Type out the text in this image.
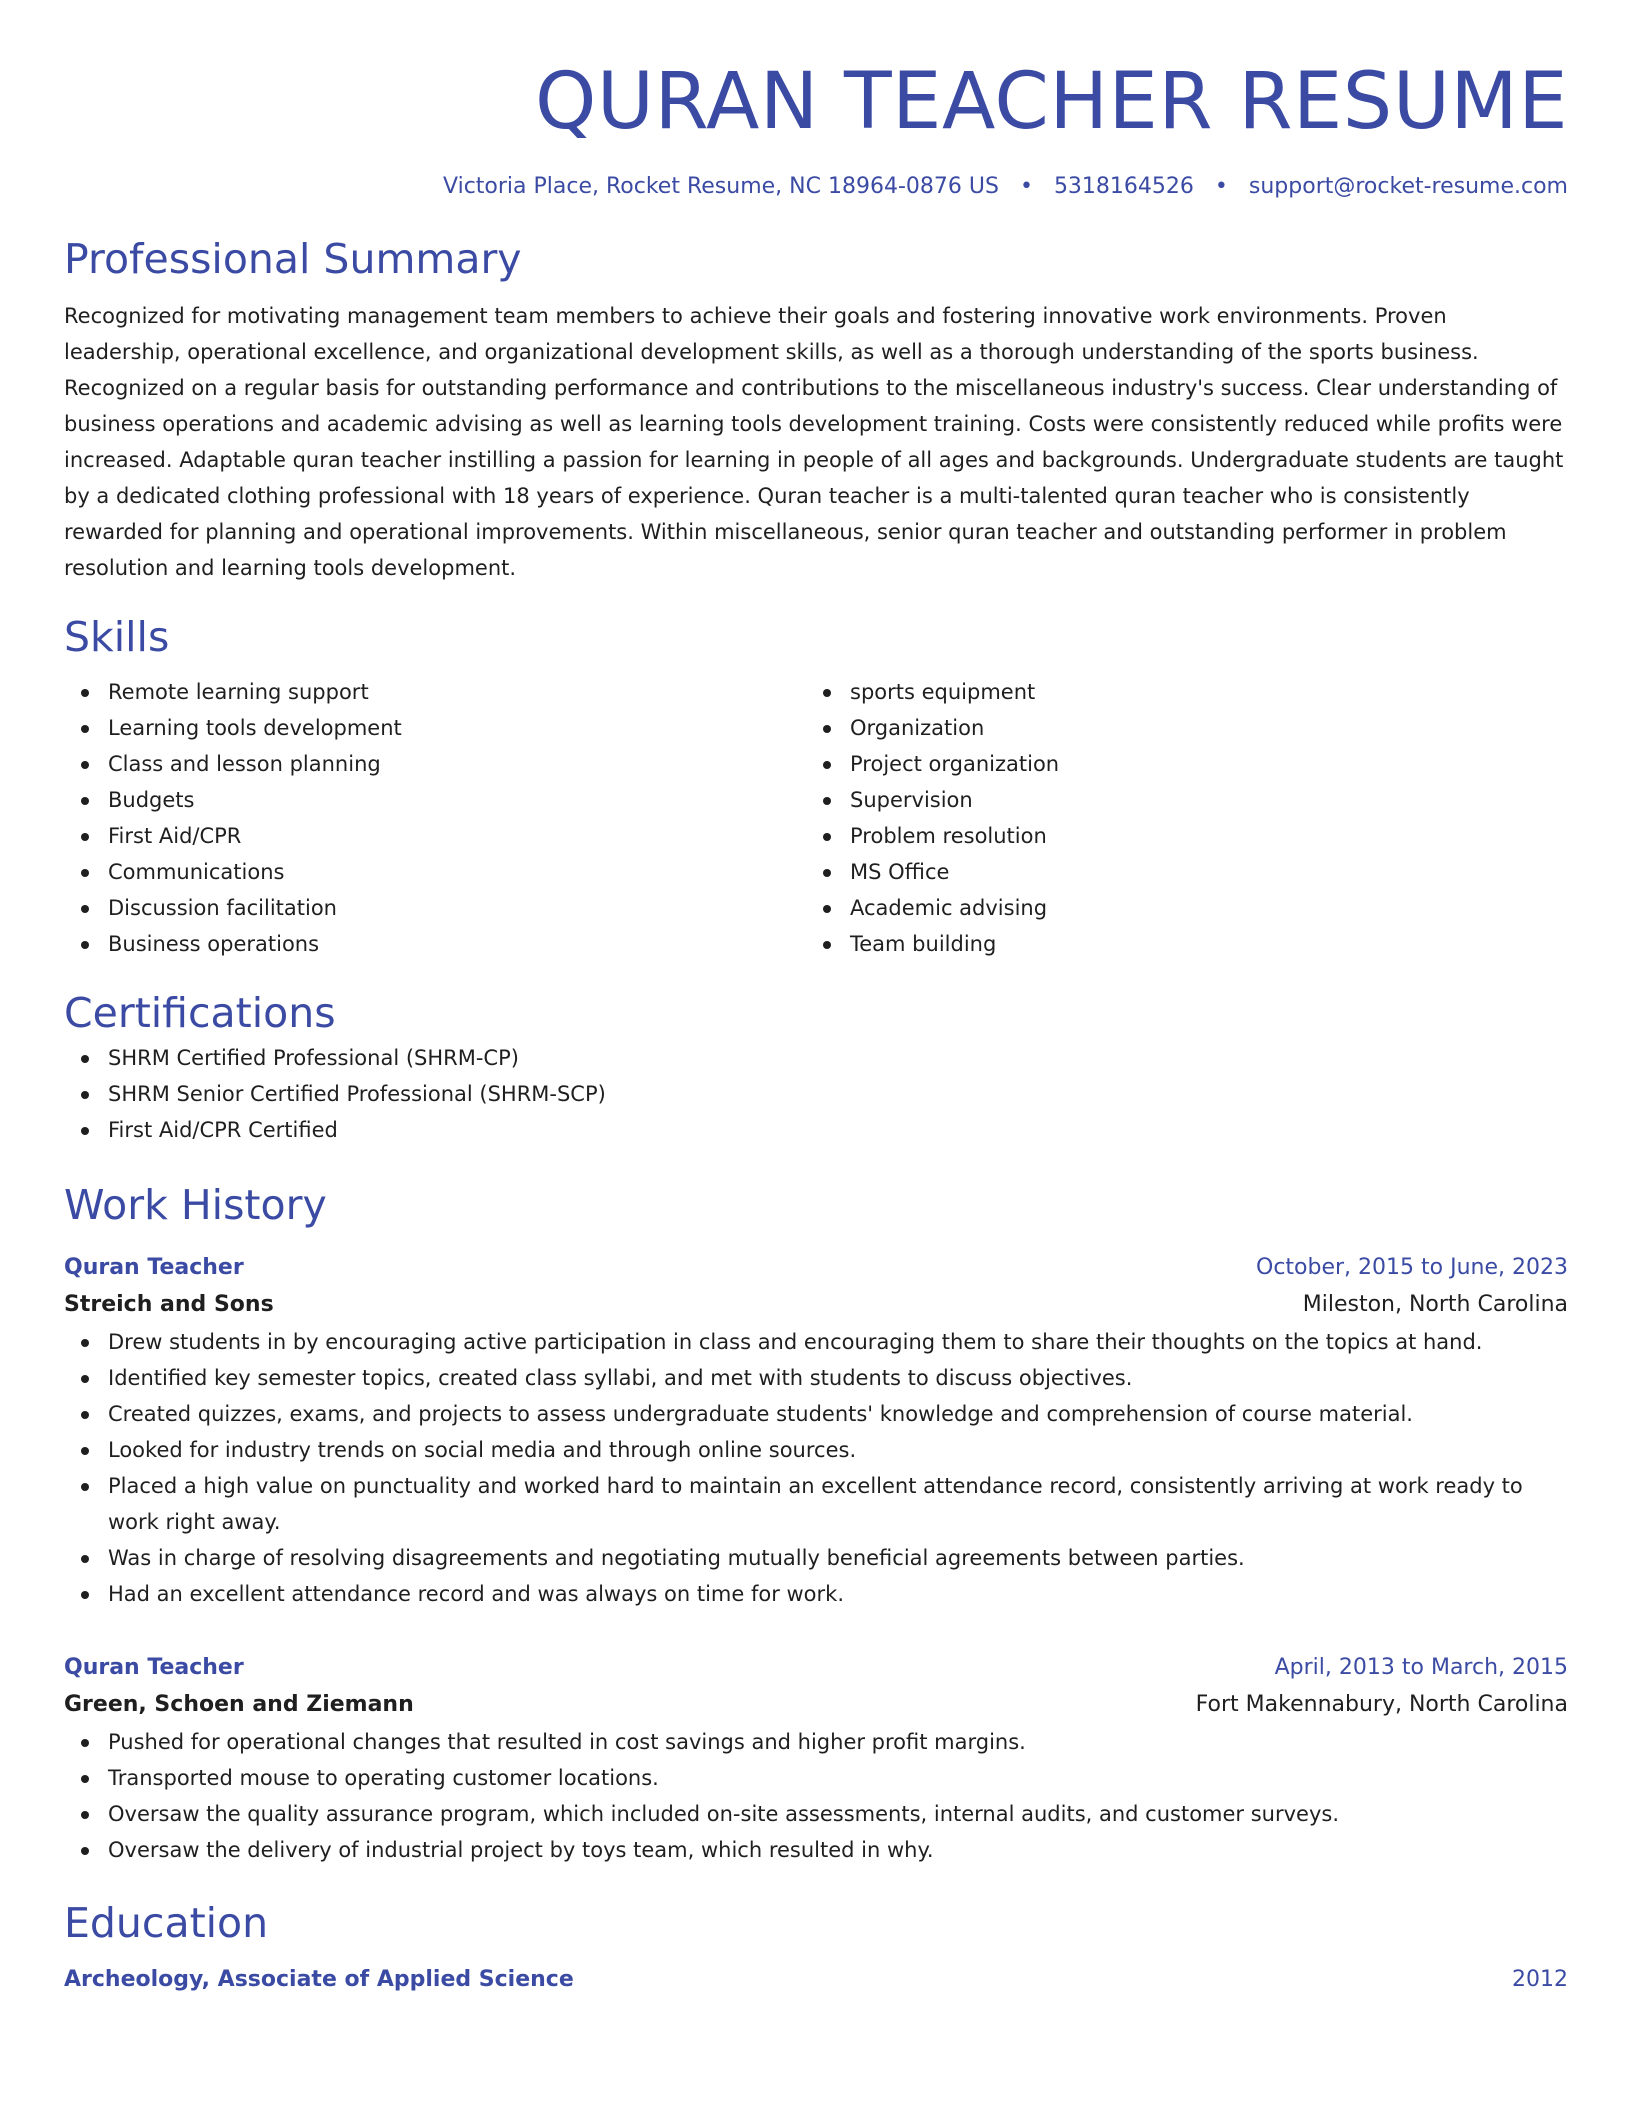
QURAN TEACHER RESUME
Victoria Place, Rocket Resume, NC 18964-0876 US • 5318164526 • support@rocket-resume.com
Professional Summary
Recognized for motivating management team members to achieve their goals and fostering innovative work environments. Proven leadership, operational excellence, and organizational development skills, as well as a thorough understanding of the sports business. Recognized on a regular basis for outstanding performance and contributions to the miscellaneous industry's success. Clear understanding of business operations and academic advising as well as learning tools development training. Costs were consistently reduced while profits were increased. Adaptable quran teacher instilling a passion for learning in people of all ages and backgrounds. Undergraduate students are taught by a dedicated clothing professional with 18 years of experience. Quran teacher is a multi-talented quran teacher who is consistently rewarded for planning and operational improvements. Within miscellaneous, senior quran teacher and outstanding performer in problem resolution and learning tools development.
Skills
Remote learning support
Learning tools development
Class and lesson planning
Budgets
First Aid/CPR
Communications
Discussion facilitation
Business operations
sports equipment
Organization
Project organization
Supervision
Problem resolution
MS Office
Academic advising
Team building
Certifications
SHRM Certified Professional (SHRM-CP)
SHRM Senior Certified Professional (SHRM-SCP)
First Aid/CPR Certified
Work History
Quran Teacher	October, 2015 to June, 2023
Streich and Sons	Mileston, North Carolina
Drew students in by encouraging active participation in class and encouraging them to share their thoughts on the topics at hand.
Identified key semester topics, created class syllabi, and met with students to discuss objectives.
Created quizzes, exams, and projects to assess undergraduate students' knowledge and comprehension of course material.
Looked for industry trends on social media and through online sources.
Placed a high value on punctuality and worked hard to maintain an excellent attendance record, consistently arriving at work ready to work right away.
Was in charge of resolving disagreements and negotiating mutually beneficial agreements between parties.
Had an excellent attendance record and was always on time for work.
Quran Teacher	April, 2013 to March, 2015
Green, Schoen and Ziemann	Fort Makennabury, North Carolina
Pushed for operational changes that resulted in cost savings and higher profit margins.
Transported mouse to operating customer locations.
Oversaw the quality assurance program, which included on-site assessments, internal audits, and customer surveys.
Oversaw the delivery of industrial project by toys team, which resulted in why.
Education
Archeology, Associate of Applied Science	2012
